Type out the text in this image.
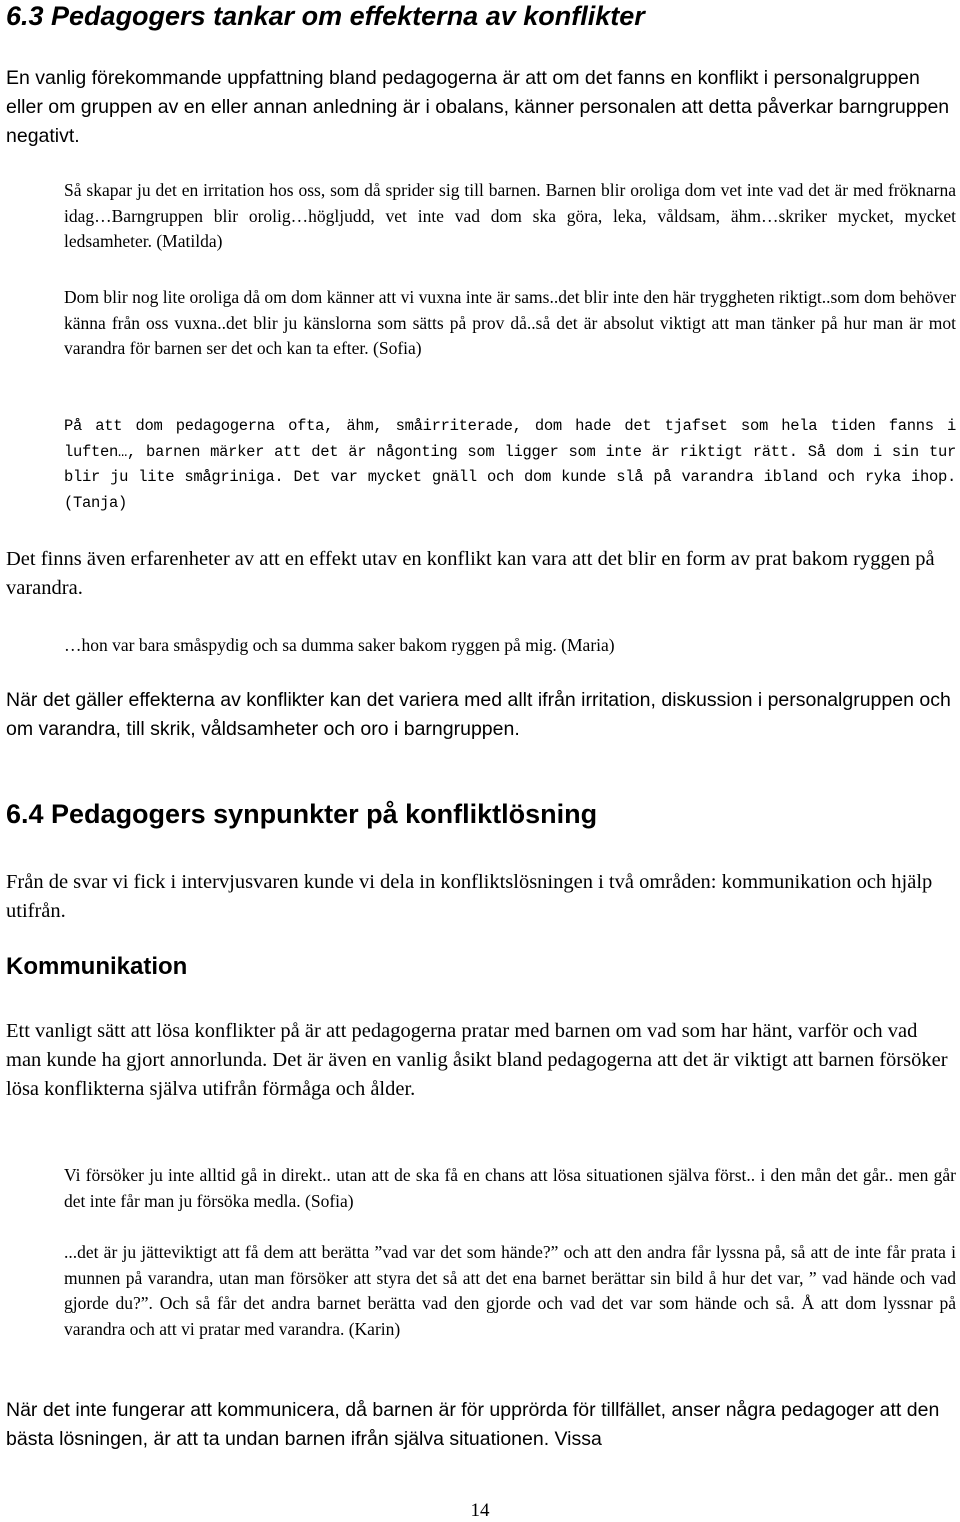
6.3 Pedagogers tankar om effekterna av konflikter

En vanlig förekommande uppfattning bland pedagogerna är att om det fanns en konflikt i personalgruppen eller om gruppen av en eller annan anledning är i obalans, känner personalen att detta påverkar barngruppen negativt.

Så skapar ju det en irritation hos oss, som då sprider sig till barnen. Barnen blir oroliga dom vet inte vad det är med fröknarna idag…Barngruppen blir orolig…högljudd, vet inte vad dom ska göra, leka, våldsam, ähm…skriker mycket, mycket ledsamheter. (Matilda)

Dom blir nog lite oroliga då om dom känner att vi vuxna inte är sams..det blir inte den här tryggheten riktigt..som dom behöver känna från oss vuxna..det blir ju känslorna som sätts på prov då..så det är absolut viktigt att man tänker på hur man är mot varandra för barnen ser det och kan ta efter. (Sofia)

På att dom pedagogerna ofta, ähm, småirriterade, dom hade det tjafset som hela tiden fanns i luften…, barnen märker att det är någonting som ligger som inte är riktigt rätt. Så dom i sin tur blir ju lite smågriniga. Det var mycket gnäll och dom kunde slå på varandra ibland och ryka ihop. (Tanja)

Det finns även erfarenheter av att en effekt utav en konflikt kan vara att det blir en form av prat bakom ryggen på varandra.

…hon var bara småspydig och sa dumma saker bakom ryggen på mig. (Maria)

När det gäller effekterna av konflikter kan det variera med allt ifrån irritation, diskussion i personalgruppen och om varandra, till skrik, våldsamheter och oro i barngruppen.

6.4 Pedagogers synpunkter på konfliktlösning

Från de svar vi fick i intervjusvaren kunde vi dela in konfliktslösningen i två områden: kommunikation och hjälp utifrån.

Kommunikation

Ett vanligt sätt att lösa konflikter på är att pedagogerna pratar med barnen om vad som har hänt, varför och vad man kunde ha gjort annorlunda. Det är även en vanlig åsikt bland pedagogerna att det är viktigt att barnen försöker lösa konflikterna själva utifrån förmåga och ålder.

Vi försöker ju inte alltid gå in direkt.. utan att de ska få en chans att lösa situationen själva först.. i den mån det går.. men går det inte får man ju försöka medla. (Sofia)

...det är ju jätteviktigt att få dem att berätta ”vad var det som hände?” och att den andra får lyssna på, så att de inte får prata i munnen på varandra, utan man försöker att styra det så att det ena barnet berättar sin bild å hur det var, ” vad hände och vad gjorde du?”. Och så får det andra barnet berätta vad den gjorde och vad det var som hände och så. Å att dom lyssnar på varandra och att vi pratar med varandra. (Karin)

När det inte fungerar att kommunicera, då barnen är för upprörda för tillfället, anser några pedagoger att den bästa lösningen, är att ta undan barnen ifrån själva situationen. Vissa

14
